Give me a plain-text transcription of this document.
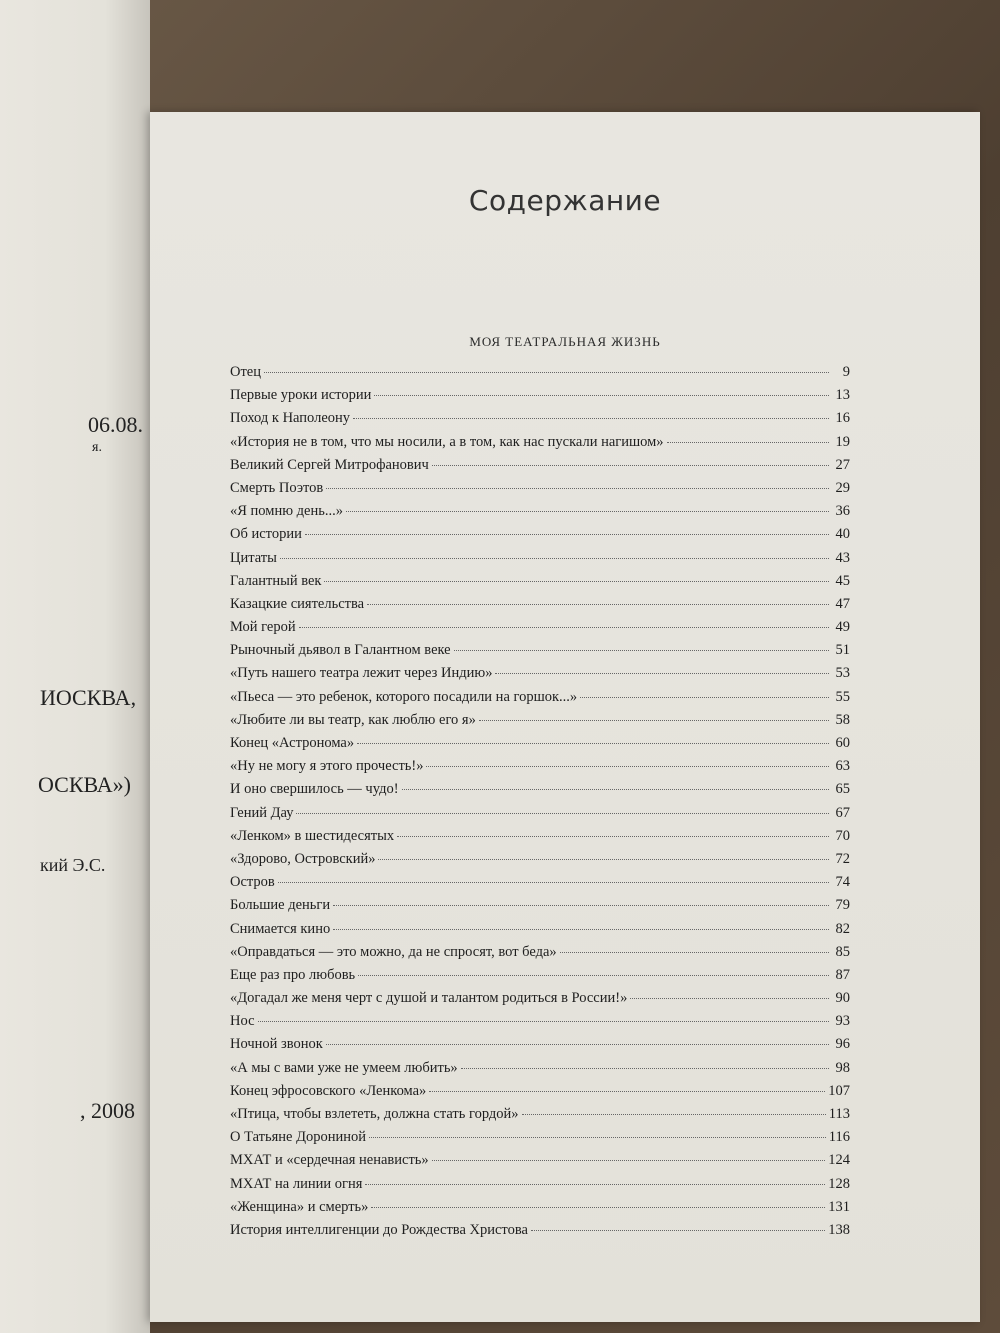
06.08.
я.
ИОСКВА,
ОСКВА»)
кий Э.С.
, 2008
Содержание
МОЯ ТЕАТРАЛЬНАЯ ЖИЗНЬ
Отец	9
Первые уроки истории	13
Поход к Наполеону	16
«История не в том, что мы носили, а в том, как нас пускали нагишом»	19
Великий Сергей Митрофанович	27
Смерть Поэтов	29
«Я помню день...»	36
Об истории	40
Цитаты	43
Галантный век	45
Казацкие сиятельства	47
Мой герой	49
Рыночный дьявол в Галантном веке	51
«Путь нашего театра лежит через Индию»	53
«Пьеса — это ребенок, которого посадили на горшок...»	55
«Любите ли вы театр, как люблю его я»	58
Конец «Астронома»	60
«Ну не могу я этого прочесть!»	63
И оно свершилось — чудо!	65
Гений Дау	67
«Ленком» в шестидесятых	70
«Здорово, Островский»	72
Остров	74
Большие деньги	79
Снимается кино	82
«Оправдаться — это можно, да не спросят, вот беда»	85
Еще раз про любовь	87
«Догадал же меня черт с душой и талантом родиться в России!»	90
Нос	93
Ночной звонок	96
«А мы с вами уже не умеем любить»	98
Конец эфросовского «Ленкома»	107
«Птица, чтобы взлететь, должна стать гордой»	113
О Татьяне Дорониной	116
МХАТ и «сердечная ненависть»	124
МХАТ на линии огня	128
«Женщина» и смерть»	131
История интеллигенции до Рождества Христова	138
